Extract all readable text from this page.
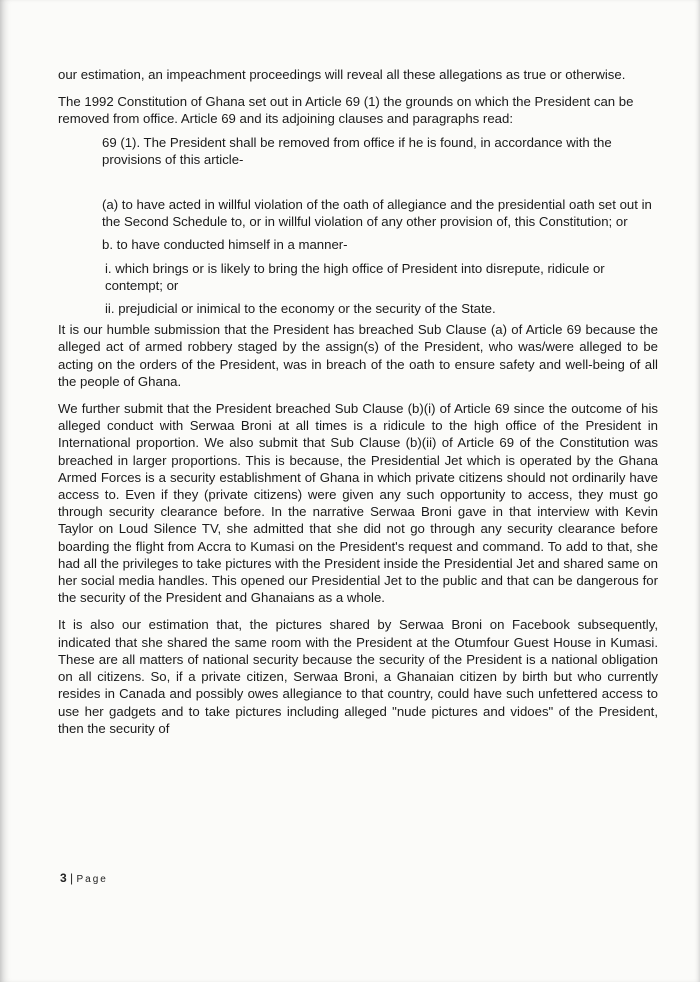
our estimation, an impeachment proceedings will reveal all these allegations as true or otherwise.

The 1992 Constitution of Ghana set out in Article 69 (1) the grounds on which the President can be removed from office. Article 69 and its adjoining clauses and paragraphs read:

69 (1). The President shall be removed from office if he is found, in accordance with the provisions of this article-

(a) to have acted in willful violation of the oath of allegiance and the presidential oath set out in the Second Schedule to, or in willful violation of any other provision of, this Constitution; or

b. to have conducted himself in a manner-

i. which brings or is likely to bring the high office of President into disrepute, ridicule or contempt; or

ii. prejudicial or inimical to the economy or the security of the State.

It is our humble submission that the President has breached Sub Clause (a) of Article 69 because the alleged act of armed robbery staged by the assign(s) of the President, who was/were alleged to be acting on the orders of the President, was in breach of the oath to ensure safety and well-being of all the people of Ghana.

We further submit that the President breached Sub Clause (b)(i) of Article 69 since the outcome of his alleged conduct with Serwaa Broni at all times is a ridicule to the high office of the President in International proportion. We also submit that Sub Clause (b)(ii) of Article 69 of the Constitution was breached in larger proportions. This is because, the Presidential Jet which is operated by the Ghana Armed Forces is a security establishment of Ghana in which private citizens should not ordinarily have access to. Even if they (private citizens) were given any such opportunity to access, they must go through security clearance before. In the narrative Serwaa Broni gave in that interview with Kevin Taylor on Loud Silence TV, she admitted that she did not go through any security clearance before boarding the flight from Accra to Kumasi on the President's request and command. To add to that, she had all the privileges to take pictures with the President inside the Presidential Jet and shared same on her social media handles. This opened our Presidential Jet to the public and that can be dangerous for the security of the President and Ghanaians as a whole.

It is also our estimation that, the pictures shared by Serwaa Broni on Facebook subsequently, indicated that she shared the same room with the President at the Otumfour Guest House in Kumasi. These are all matters of national security because the security of the President is a national obligation on all citizens. So, if a private citizen, Serwaa Broni, a Ghanaian citizen by birth but who currently resides in Canada and possibly owes allegiance to that country, could have such unfettered access to use her gadgets and to take pictures including alleged "nude pictures and vidoes" of the President, then the security of

3 | Page
